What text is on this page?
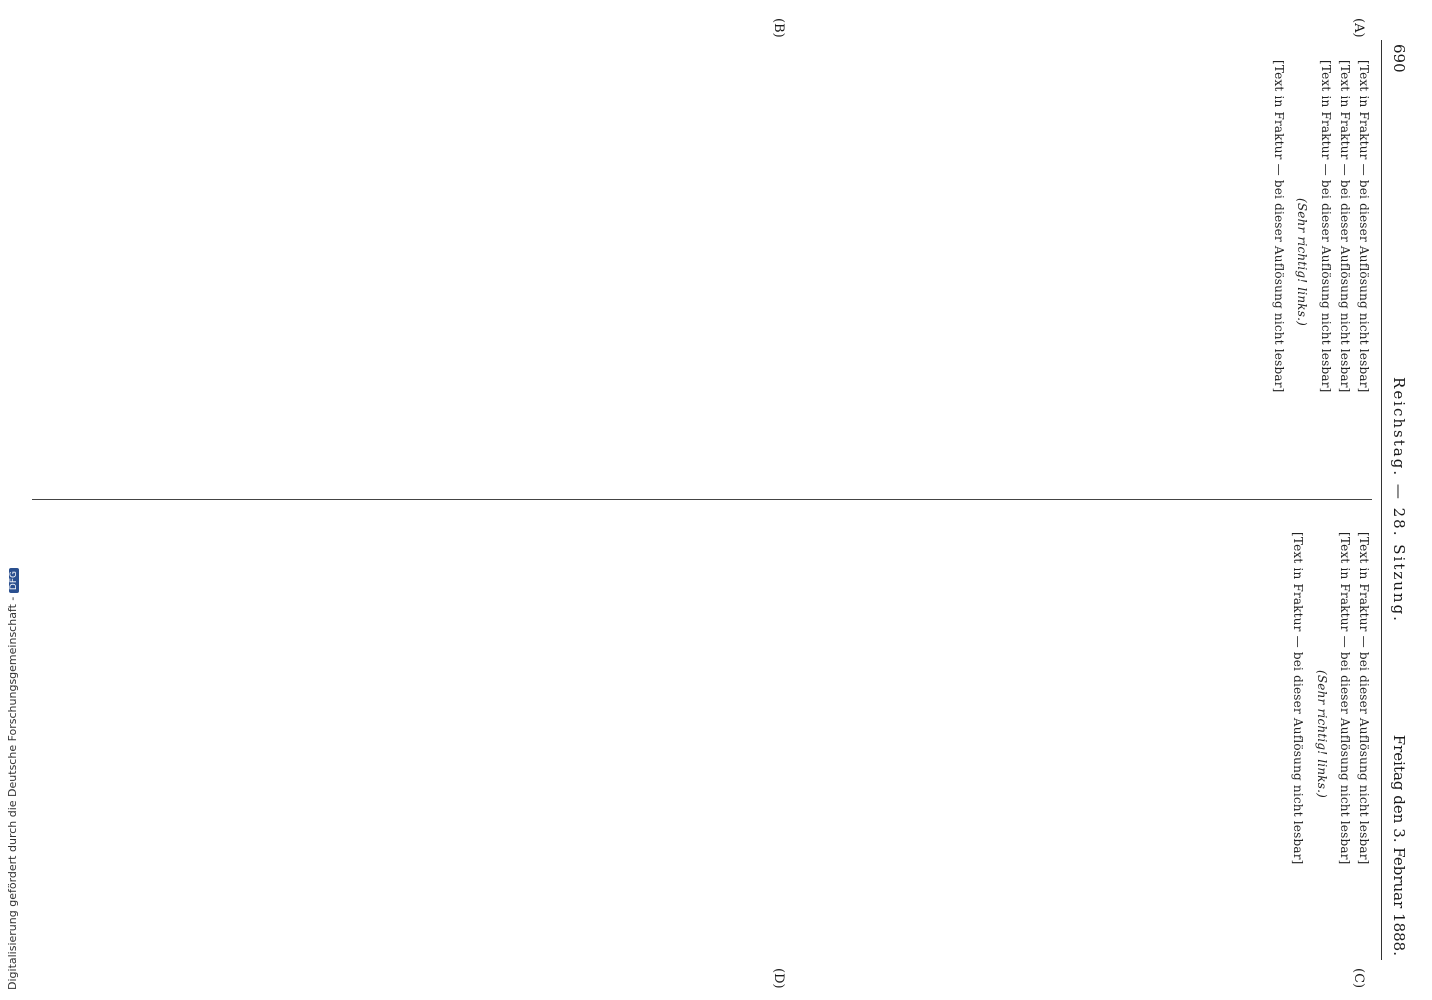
690
Reichstag. — 28. Sitzung.
Freitag den 3. Februar 1888.
(A)
(B)
(C)
(D)

[Text in Fraktur — bei dieser Auflösung nicht lesbar]

[Text in Fraktur — bei dieser Auflösung nicht lesbar]

[Text in Fraktur — bei dieser Auflösung nicht lesbar]

(Sehr richtig! links.)

[Text in Fraktur — bei dieser Auflösung nicht lesbar]

[Text in Fraktur — bei dieser Auflösung nicht lesbar]

[Text in Fraktur — bei dieser Auflösung nicht lesbar]

(Sehr richtig! links.)

[Text in Fraktur — bei dieser Auflösung nicht lesbar]

Digitalisierung gefördert durch die Deutsche Forschungsgemeinschaft - DFG
